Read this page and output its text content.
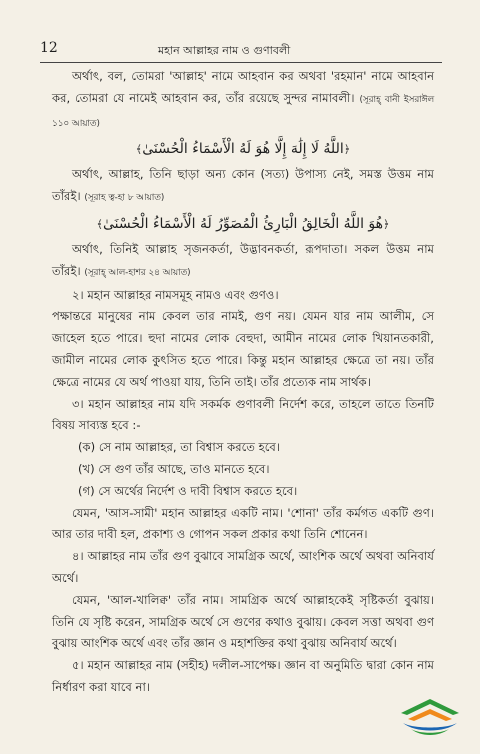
12	মহান আল্লাহর নাম ও গুণাবলী

অর্থাৎ, বল, তোমরা 'আল্লাহ' নামে আহবান কর অথবা 'রহমান' নামে আহবান কর, তোমরা যে নামেই আহবান কর, তাঁর রয়েছে সুন্দর নামাবলী। (সূরাহ্ বানী ইসরাঈল ১১০ আয়াত)

﴿اللَّهُ لَا إِلَٰهَ إِلَّا هُوَ لَهُ الْأَسْمَاءُ الْحُسْنَىٰ﴾

অর্থাৎ, আল্লাহ, তিনি ছাড়া অন্য কোন (সত্য) উপাস্য নেই, সমস্ত উত্তম নাম তাঁরই। (সূরাহ ত্ব-হা ৮ আয়াত)

﴿هُوَ اللَّهُ الْخَالِقُ الْبَارِئُ الْمُصَوِّرُ لَهُ الْأَسْمَاءُ الْحُسْنَىٰ﴾

অর্থাৎ, তিনিই আল্লাহ সৃজনকর্তা, উদ্ভাবনকর্তা, রূপদাতা। সকল উত্তম নাম তাঁরই। (সূরাহ্ আল-হাশর ২৪ আয়াত)

২। মহান আল্লাহর নামসমূহ নামও এবং গুণও।

পক্ষান্তরে মানুষের নাম কেবল তার নামই, গুণ নয়। যেমন যার নাম আলীম, সে জাহেল হতে পারে। হুদা নামের লোক বেহুদা, আমীন নামের লোক খিয়ানতকারী, জামীল নামের লোক কুৎসিত হতে পারে। কিন্তু মহান আল্লাহর ক্ষেত্রে তা নয়। তাঁর ক্ষেত্রে নামের যে অর্থ পাওয়া যায়, তিনি তাই। তাঁর প্রত্যেক নাম সার্থক।

৩। মহান আল্লাহর নাম যদি সকর্মক গুণাবলী নির্দেশ করে, তাহলে তাতে তিনটি বিষয় সাব্যস্ত হবে :-

(ক) সে নাম আল্লাহর, তা বিশ্বাস করতে হবে।

(খ) সে গুণ তাঁর আছে, তাও মানতে হবে।

(গ) সে অর্থের নির্দেশ ও দাবী বিশ্বাস করতে হবে।

যেমন, 'আস-সামী' মহান আল্লাহর একটি নাম। 'শোনা' তাঁর কর্মগত একটি গুণ। আর তার দাবী হল, প্রকাশ্য ও গোপন সকল প্রকার কথা তিনি শোনেন।

৪। আল্লাহর নাম তাঁর গুণ বুঝাবে সামগ্রিক অর্থে, আংশিক অর্থে অথবা অনিবার্য অর্থে।

যেমন, 'আল-খালিক্ব' তাঁর নাম। সামগ্রিক অর্থে আল্লাহকেই সৃষ্টিকর্তা বুঝায়। তিনি যে সৃষ্টি করেন, সামগ্রিক অর্থে সে গুণের কথাও বুঝায়। কেবল সত্তা অথবা গুণ বুঝায় আংশিক অর্থে এবং তাঁর জ্ঞান ও মহাশক্তির কথা বুঝায় অনিবার্য অর্থে।

৫। মহান আল্লাহর নাম (সহীহ) দলীল-সাপেক্ষ। জ্ঞান বা অনুমিতি দ্বারা কোন নাম নির্ধারণ করা যাবে না।
